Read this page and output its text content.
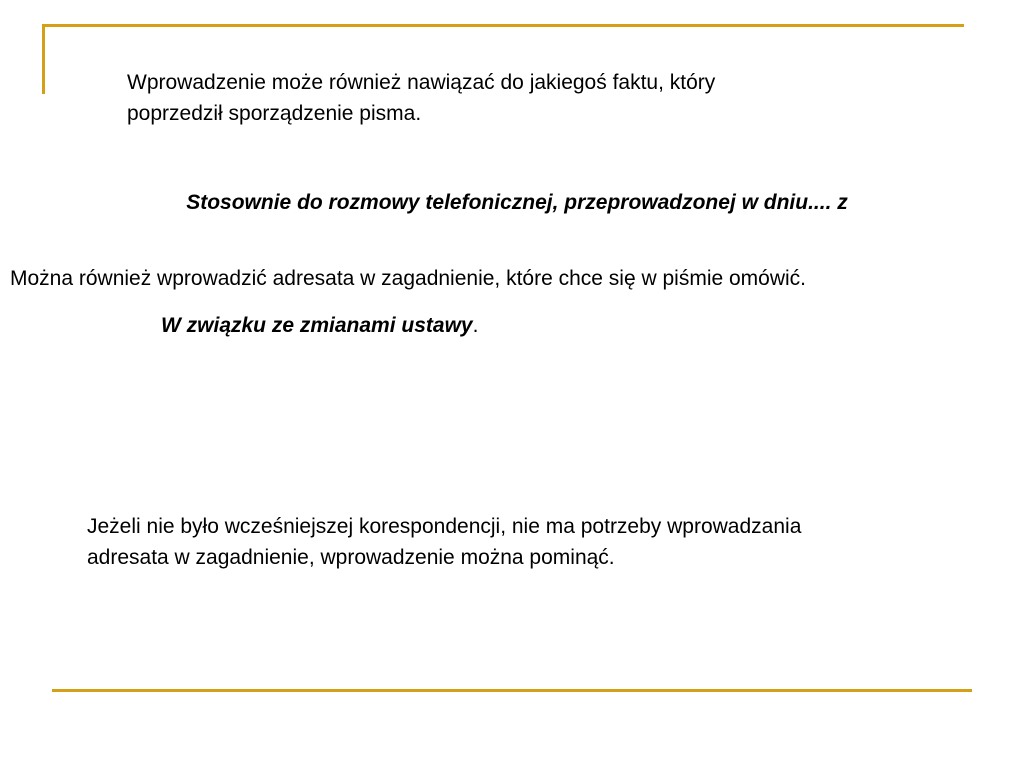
Wprowadzenie może również nawiązać do jakiegoś faktu, który
poprzedził sporządzenie pisma.

Stosownie do rozmowy telefonicznej, przeprowadzonej w dniu.... z

Można również wprowadzić adresata w zagadnienie, które chce się w piśmie omówić.

W związku ze zmianami ustawy.

Jeżeli nie było wcześniejszej korespondencji, nie ma potrzeby wprowadzania
adresata w zagadnienie, wprowadzenie można pominąć.
